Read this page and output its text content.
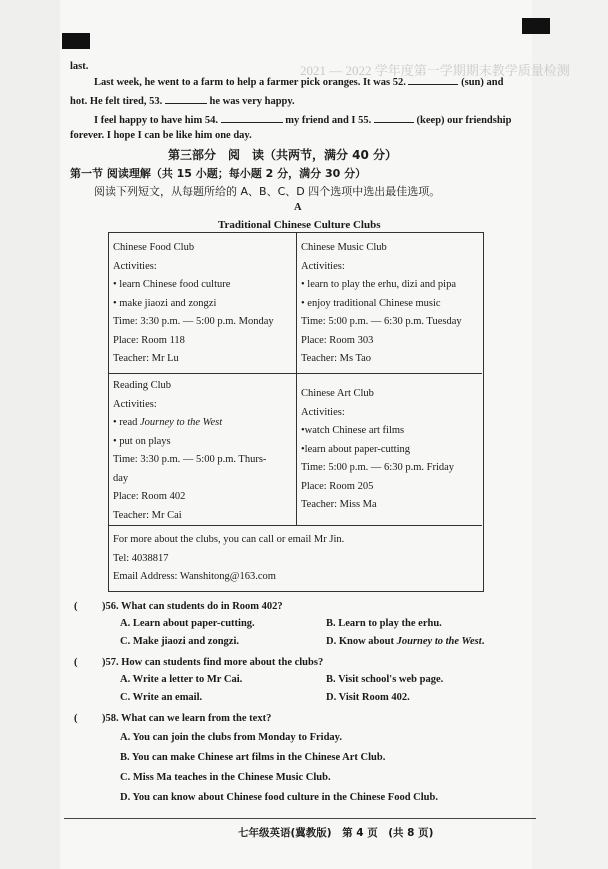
2021 — 2022 学年度第一学期期末教学质量检测
last.
Last week, he went to a farm to help a farmer pick oranges. It was 52.	(sun) and
hot. He felt tired, 53.	he was very happy.
I feel happy to have him 54.	my friend and I 55.	(keep) our friendship
forever. I hope I can be like him one day.
第三部分　阅　读（共两节，满分 40 分）
第一节 阅读理解（共 15 小题；每小题 2 分，满分 30 分）
阅读下列短文，从每题所给的 A、B、C、D 四个选项中选出最佳选项。
A
Traditional Chinese Culture Clubs
Chinese Food Club
Activities:
• learn Chinese food culture
• make jiaozi and zongzi
Time: 3:30 p.m. — 5:00 p.m. Monday
Place: Room 118
Teacher: Mr Lu
Chinese Music Club
Activities:
• learn to play the erhu, dizi and pipa
• enjoy traditional Chinese music
Time: 5:00 p.m. — 6:30 p.m. Tuesday
Place: Room 303
Teacher: Ms Tao
Reading Club
Activities:
• read Journey to the West
• put on plays
Time: 3:30 p.m. — 5:00 p.m. Thurs-
day
Place: Room 402
Teacher: Mr Cai
Chinese Art Club
Activities:
•watch Chinese art films
•learn about paper-cutting
Time: 5:00 p.m. — 6:30 p.m. Friday
Place: Room 205
Teacher: Miss Ma
For more about the clubs, you can call or email Mr Jin.
Tel: 4038817
Email Address: Wanshitong@163.com
( )56. What can students do in Room 402?
A. Learn about paper-cutting.	B. Learn to play the erhu.
C. Make jiaozi and zongzi.	D. Know about Journey to the West.
( )57. How can students find more about the clubs?
A. Write a letter to Mr Cai.	B. Visit school's web page.
C. Write an email.	D. Visit Room 402.
( )58. What can we learn from the text?
A. You can join the clubs from Monday to Friday.
B. You can make Chinese art films in the Chinese Art Club.
C. Miss Ma teaches in the Chinese Music Club.
D. You can know about Chinese food culture in the Chinese Food Club.
七年级英语(冀教版)　第 4 页　(共 8 页)
